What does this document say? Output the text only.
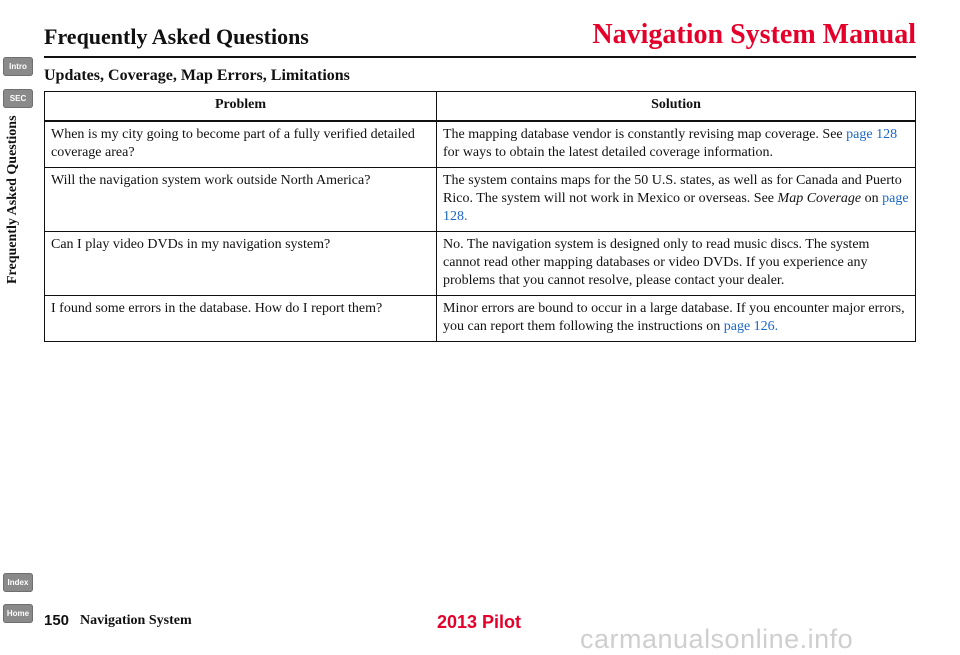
Intro
SEC
Frequently Asked Questions
Index
Home
Frequently Asked Questions	Navigation System Manual
Updates, Coverage, Map Errors, Limitations
Problem	Solution
When is my city going to become part of a fully verified detailed coverage area?	The mapping database vendor is constantly revising map coverage. See page 128 for ways to obtain the latest detailed coverage information.
Will the navigation system work outside North America?	The system contains maps for the 50 U.S. states, as well as for Canada and Puerto Rico. The system will not work in Mexico or overseas. See Map Coverage on page 128.
Can I play video DVDs in my navigation system?	No. The navigation system is designed only to read music discs. The system cannot read other mapping databases or video DVDs. If you experience any problems that you cannot resolve, please contact your dealer.
I found some errors in the database. How do I report them?	Minor errors are bound to occur in a large database. If you encounter major errors, you can report them following the instructions on page 126.
150 Navigation System	2013 Pilot
carmanualsonline.info
